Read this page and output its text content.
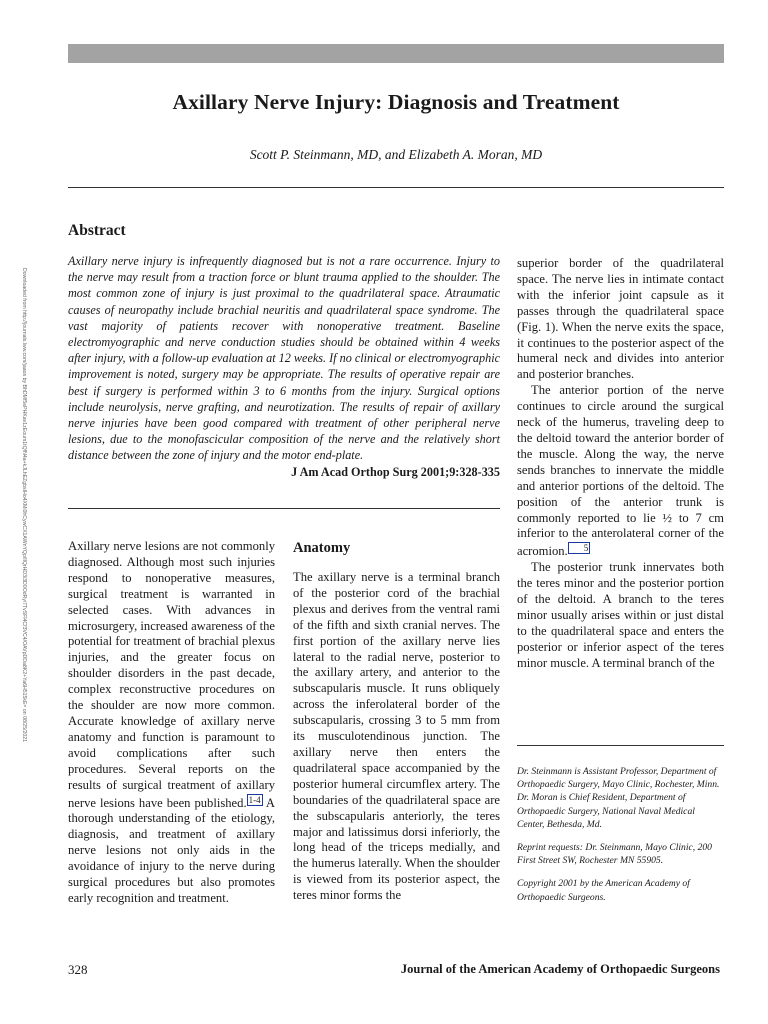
Axillary Nerve Injury: Diagnosis and Treatment
Scott P. Steinmann, MD, and Elizabeth A. Moran, MD
Abstract
Axillary nerve injury is infrequently diagnosed but is not a rare occurrence. Injury to the nerve may result from a traction force or blunt trauma applied to the shoulder. The most common zone of injury is just proximal to the quadrilateral space. Atraumatic causes of neuropathy include brachial neuritis and quadrilateral space syndrome. The vast majority of patients recover with nonoperative treatment. Baseline electromyographic and nerve conduction studies should be obtained within 4 weeks after injury, with a follow-up evaluation at 12 weeks. If no clinical or electromyographic improvement is noted, surgery may be appropriate. The results of operative repair are best if surgery is performed within 3 to 6 months from the injury. Surgical options include neurolysis, nerve grafting, and neurotization. The results of repair of axillary nerve injuries have been good compared with treatment of other peripheral nerve lesions, due to the monofascicular composition of the nerve and the relatively short distance between the zone of injury and the motor end-plate.
J Am Acad Orthop Surg 2001;9:328-335

Axillary nerve lesions are not commonly diagnosed. Although most such injuries respond to nonoperative measures, surgical treatment is warranted in selected cases. With advances in microsurgery, increased awareness of the potential for treatment of brachial plexus injuries, and the greater focus on shoulder disorders in the past decade, complex reconstructive procedures on the shoulder are now more common. Accurate knowledge of axillary nerve anatomy and function is paramount to avoid complications after such procedures. Several reports on the results of surgical treatment of axillary nerve lesions have been published. 1-4 A thorough understanding of the etiology, diagnosis, and treatment of axillary nerve lesions not only aids in the avoidance of injury to the nerve during surgical procedures but also promotes early recognition and treatment.

Anatomy

The axillary nerve is a terminal branch of the posterior cord of the brachial plexus and derives from the ventral rami of the fifth and sixth cranial nerves. The first portion of the axillary nerve lies lateral to the radial nerve, posterior to the axillary artery, and anterior to the subscapularis muscle. It runs obliquely across the inferolateral border of the subscapularis, crossing 3 to 5 mm from its musculotendinous junction. The axillary nerve then enters the quadrilateral space accompanied by the posterior humeral circumflex artery. The boundaries of the quadrilateral space are the subscapularis anteriorly, the teres major and latissimus dorsi inferiorly, the long head of the triceps medially, and the humerus laterally. When the shoulder is viewed from its posterior aspect, the teres minor forms the

superior border of the quadrilateral space. The nerve lies in intimate contact with the inferior joint capsule as it passes through the quadrilateral space (Fig. 1). When the nerve exits the space, it continues to the posterior aspect of the humeral neck and divides into anterior and posterior branches.

The anterior portion of the nerve continues to circle around the surgical neck of the humerus, traveling deep to the deltoid toward the anterior border of the muscle. Along the way, the nerve sends branches to innervate the middle and anterior portions of the deltoid. The position of the anterior trunk is commonly reported to lie ½ to 7 cm inferior to the anterolateral corner of the acromion. 5

The posterior trunk innervates both the teres minor and the posterior portion of the deltoid. A branch to the teres minor usually arises within or just distal to the quadrilateral space and enters the posterior or inferior aspect of the teres minor muscle. A terminal branch of the

Dr. Steinmann is Assistant Professor, Department of Orthopaedic Surgery, Mayo Clinic, Rochester, Minn. Dr. Moran is Chief Resident, Department of Orthopaedic Surgery, National Naval Medical Center, Bethesda, Md.

Reprint requests: Dr. Steinmann, Mayo Clinic, 200 First Street SW, Rochester MN 55905.

Copyright 2001 by the American Academy of Orthopaedic Surgeons.

Downloaded from http://journals.lww.com/jaaos by BhDMf5ePHKav1zEoum1tQfN4a+kJLhEZgbsIHo4XMi0hCywCX1AWnYQp/IlQrHD3i3D0OdRyi7TvSFl4Cf3VC4/OAVpDDa8K2+Ya6H515kE= on 08/25/2021
328	Journal of the American Academy of Orthopaedic Surgeons
